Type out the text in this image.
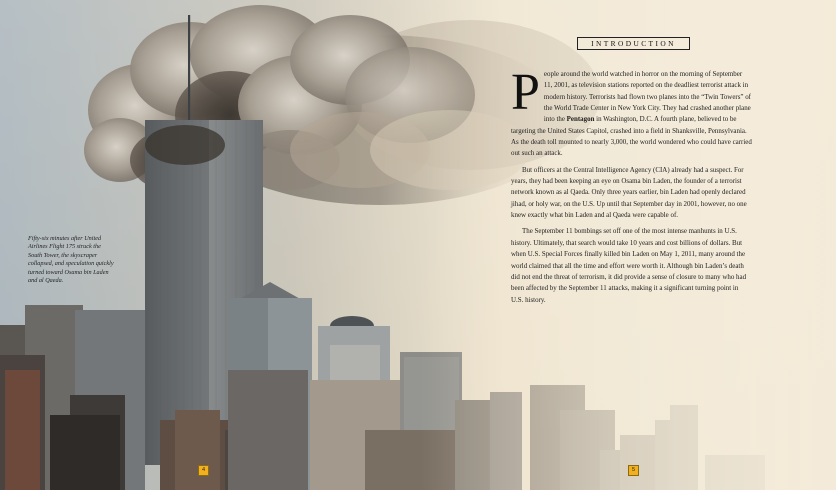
Fifty-six minutes after United Airlines Flight 175 struck the South Tower, the skyscraper collapsed, and speculation quickly turned toward Osama bin Laden and al Qaeda.

INTRODUCTION

People around the world watched in horror on the morning of September 11, 2001, as television stations reported on the deadliest terrorist attack in modern history. Terrorists had flown two planes into the “Twin Towers” of the World Trade Center in New York City. They had crashed another plane into the Pentagon in Washington, D.C. A fourth plane, believed to be targeting the United States Capitol, crashed into a field in Shanksville, Pennsylvania. As the death toll mounted to nearly 3,000, the world wondered who could have carried out such an attack.

But officers at the Central Intelligence Agency (CIA) already had a suspect. For years, they had been keeping an eye on Osama bin Laden, the founder of a terrorist network known as al Qaeda. Only three years earlier, bin Laden had openly declared jihad, or holy war, on the U.S. Up until that September day in 2001, however, no one knew exactly what bin Laden and al Qaeda were capable of.

The September 11 bombings set off one of the most intense manhunts in U.S. history. Ultimately, that search would take 10 years and cost billions of dollars. But when U.S. Special Forces finally killed bin Laden on May 1, 2011, many around the world claimed that all the time and effort were worth it. Although bin Laden’s death did not end the threat of terrorism, it did provide a sense of closure to many who had been affected by the September 11 attacks, making it a significant turning point in U.S. history.

4	5
